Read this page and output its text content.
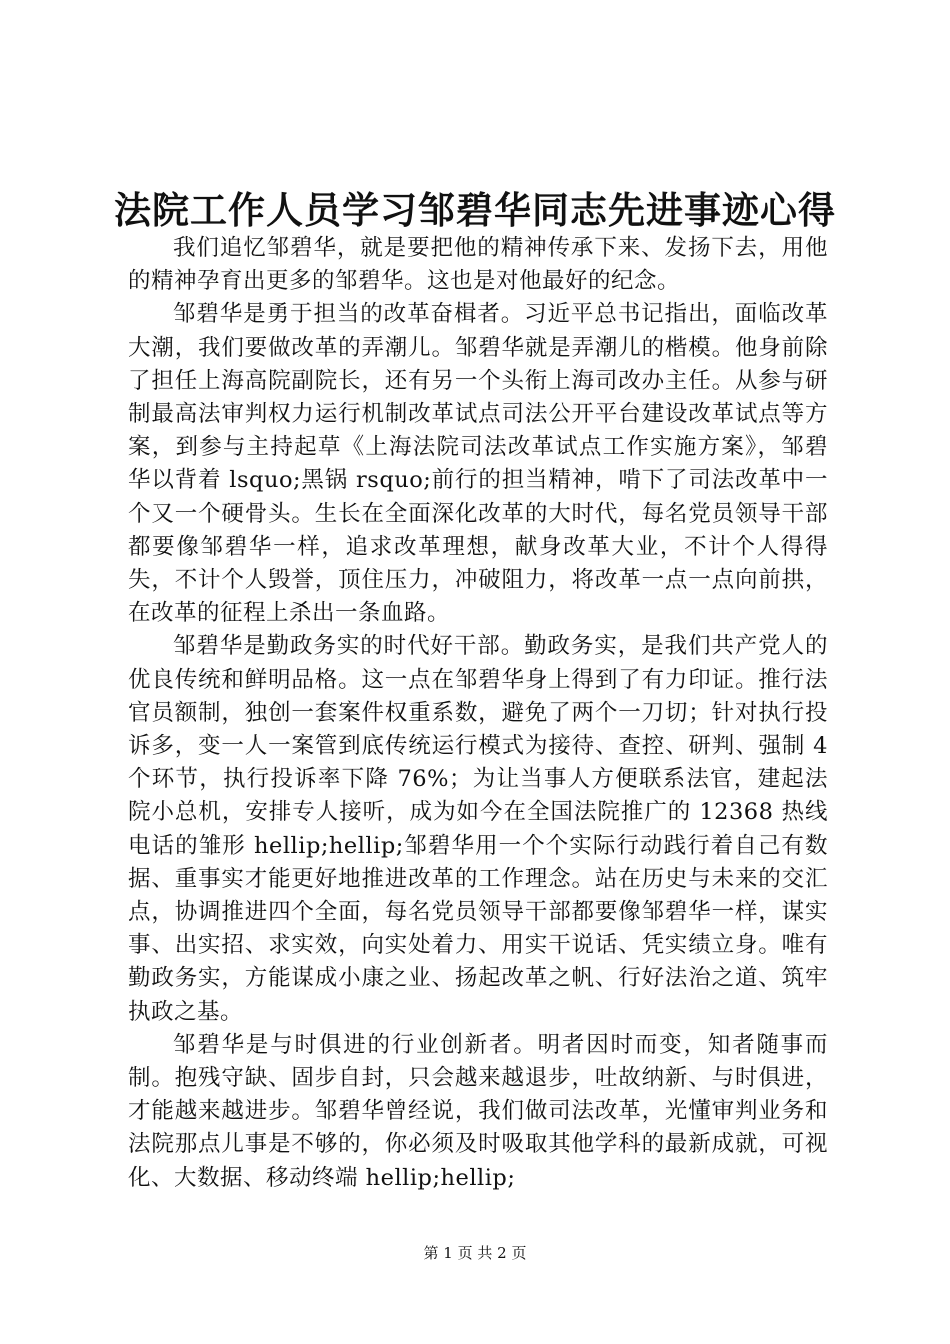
法院工作人员学习邹碧华同志先进事迹心得

我们追忆邹碧华，就是要把他的精神传承下来、发扬下去，用他的精神孕育出更多的邹碧华。这也是对他最好的纪念。

邹碧华是勇于担当的改革奋楫者。习近平总书记指出，面临改革大潮，我们要做改革的弄潮儿。邹碧华就是弄潮儿的楷模。他身前除了担任上海高院副院长，还有另一个头衔上海司改办主任。从参与研制最高法审判权力运行机制改革试点司法公开平台建设改革试点等方案，到参与主持起草《上海法院司法改革试点工作实施方案》，邹碧华以背着 lsquo;黑锅 rsquo;前行的担当精神，啃下了司法改革中一个又一个硬骨头。生长在全面深化改革的大时代，每名党员领导干部都要像邹碧华一样，追求改革理想，献身改革大业，不计个人得得失，不计个人毁誉，顶住压力，冲破阻力，将改革一点一点向前拱，在改革的征程上杀出一条血路。

邹碧华是勤政务实的时代好干部。勤政务实，是我们共产党人的优良传统和鲜明品格。这一点在邹碧华身上得到了有力印证。推行法官员额制，独创一套案件权重系数，避免了两个一刀切；针对执行投诉多，变一人一案管到底传统运行模式为接待、查控、研判、强制 4 个环节，执行投诉率下降 76%；为让当事人方便联系法官，建起法院小总机，安排专人接听，成为如今在全国法院推广的 12368 热线电话的雏形 hellip;hellip;邹碧华用一个个实际行动践行着自己有数据、重事实才能更好地推进改革的工作理念。站在历史与未来的交汇点，协调推进四个全面，每名党员领导干部都要像邹碧华一样，谋实事、出实招、求实效，向实处着力、用实干说话、凭实绩立身。唯有勤政务实，方能谋成小康之业、扬起改革之帆、行好法治之道、筑牢执政之基。

邹碧华是与时俱进的行业创新者。明者因时而变，知者随事而制。抱残守缺、固步自封，只会越来越退步，吐故纳新、与时俱进，才能越来越进步。邹碧华曾经说，我们做司法改革，光懂审判业务和法院那点儿事是不够的，你必须及时吸取其他学科的最新成就，可视化、大数据、移动终端 hellip;hellip;

第 1 页 共 2 页
